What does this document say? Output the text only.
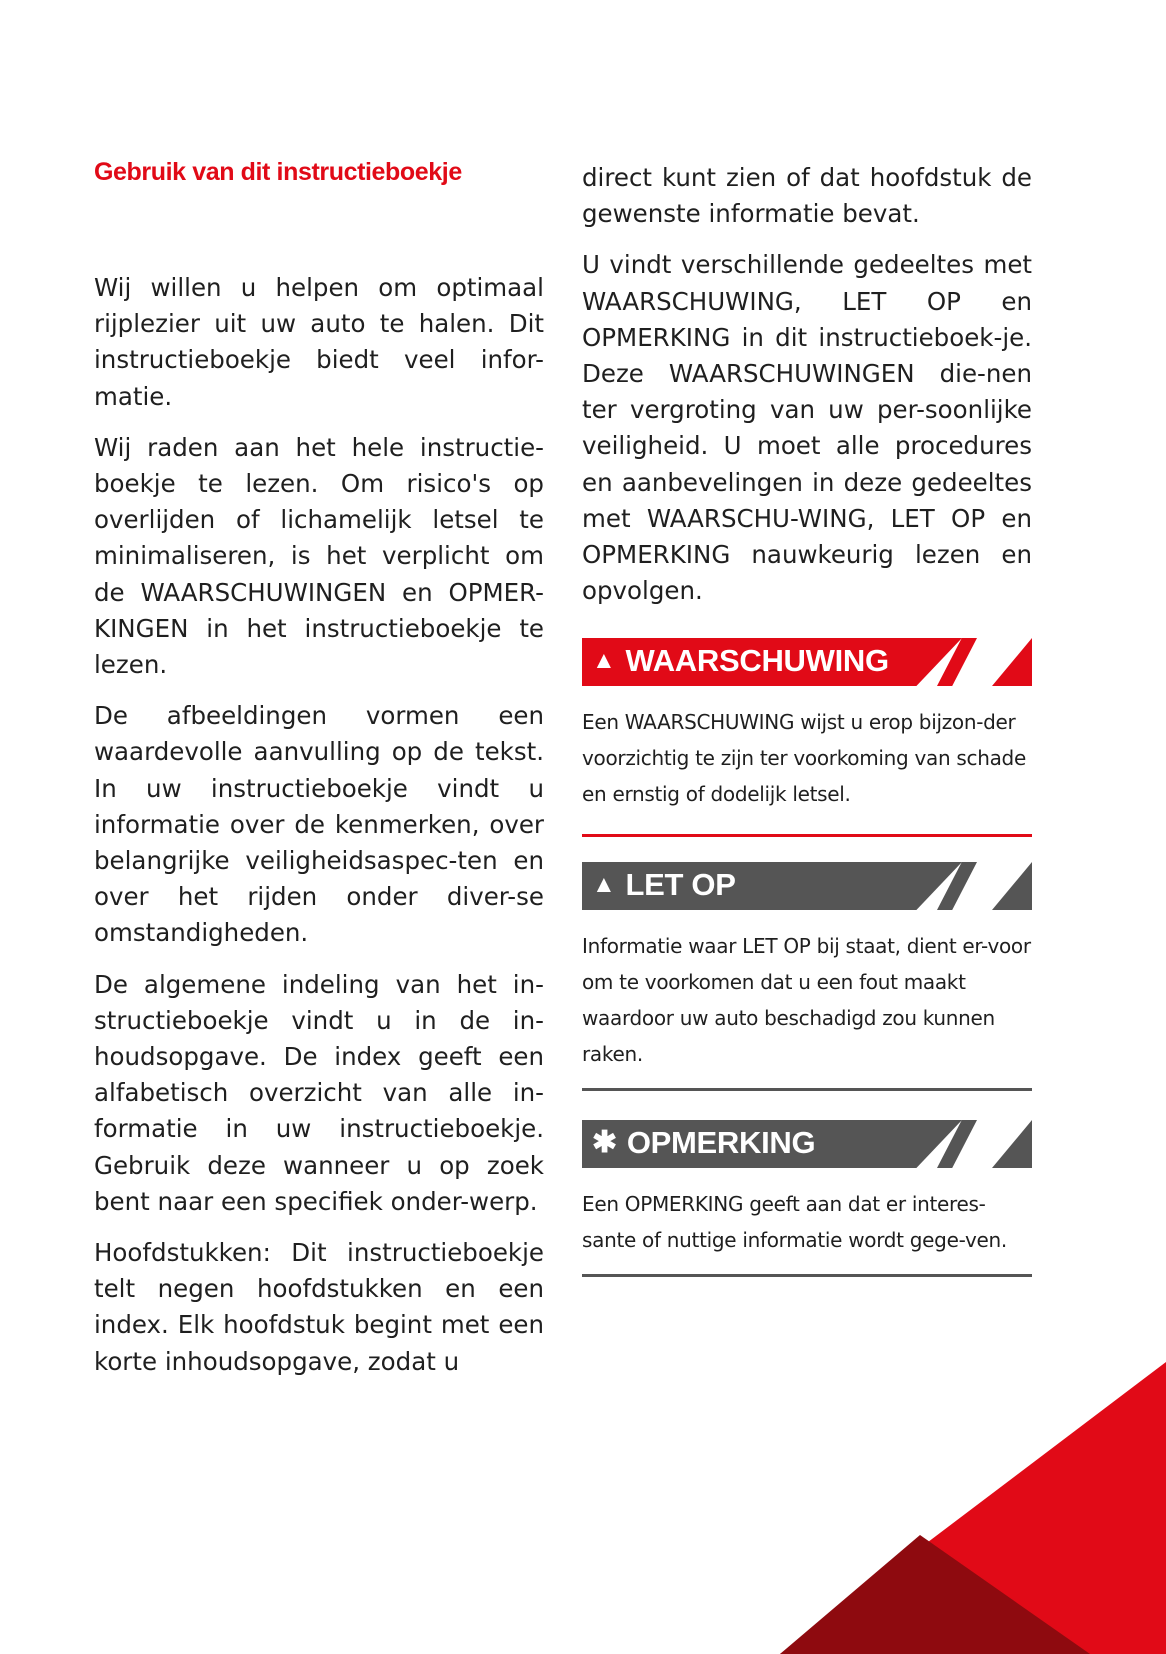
Gebruik van dit instructieboekje

Wij willen u helpen om optimaal rijplezier uit uw auto te halen. Dit instructieboekje biedt veel infor-matie.

Wij raden aan het hele instructie-boekje te lezen. Om risico's op overlijden of lichamelijk letsel te minimaliseren, is het verplicht om de WAARSCHUWINGEN en OPMER-KINGEN in het instructieboekje te lezen.

De afbeeldingen vormen een waardevolle aanvulling op de tekst. In uw instructieboekje vindt u informatie over de kenmerken, over belangrijke veiligheidsaspec-ten en over het rijden onder diver-se omstandigheden.

De algemene indeling van het in-structieboekje vindt u in de in-houdsopgave. De index geeft een alfabetisch overzicht van alle in-formatie in uw instructieboekje. Gebruik deze wanneer u op zoek bent naar een specifiek onder-werp.

Hoofdstukken: Dit instructieboekje telt negen hoofdstukken en een index. Elk hoofdstuk begint met een korte inhoudsopgave, zodat u

direct kunt zien of dat hoofdstuk de gewenste informatie bevat.

U vindt verschillende gedeeltes met WAARSCHUWING, LET OP en OPMERKING in dit instructieboek-je. Deze WAARSCHUWINGEN die-nen ter vergroting van uw per-soonlijke veiligheid. U moet alle procedures en aanbevelingen in deze gedeeltes met WAARSCHU-WING, LET OP en OPMERKING nauwkeurig lezen en opvolgen.

▲ WAARSCHUWING
Een WAARSCHUWING wijst u erop bijzon-der voorzichtig te zijn ter voorkoming van schade en ernstig of dodelijk letsel.
▲ LET OP
Informatie waar LET OP bij staat, dient er-voor om te voorkomen dat u een fout maakt waardoor uw auto beschadigd zou kunnen raken.
✱ OPMERKING
Een OPMERKING geeft aan dat er interes-sante of nuttige informatie wordt gege-ven.
